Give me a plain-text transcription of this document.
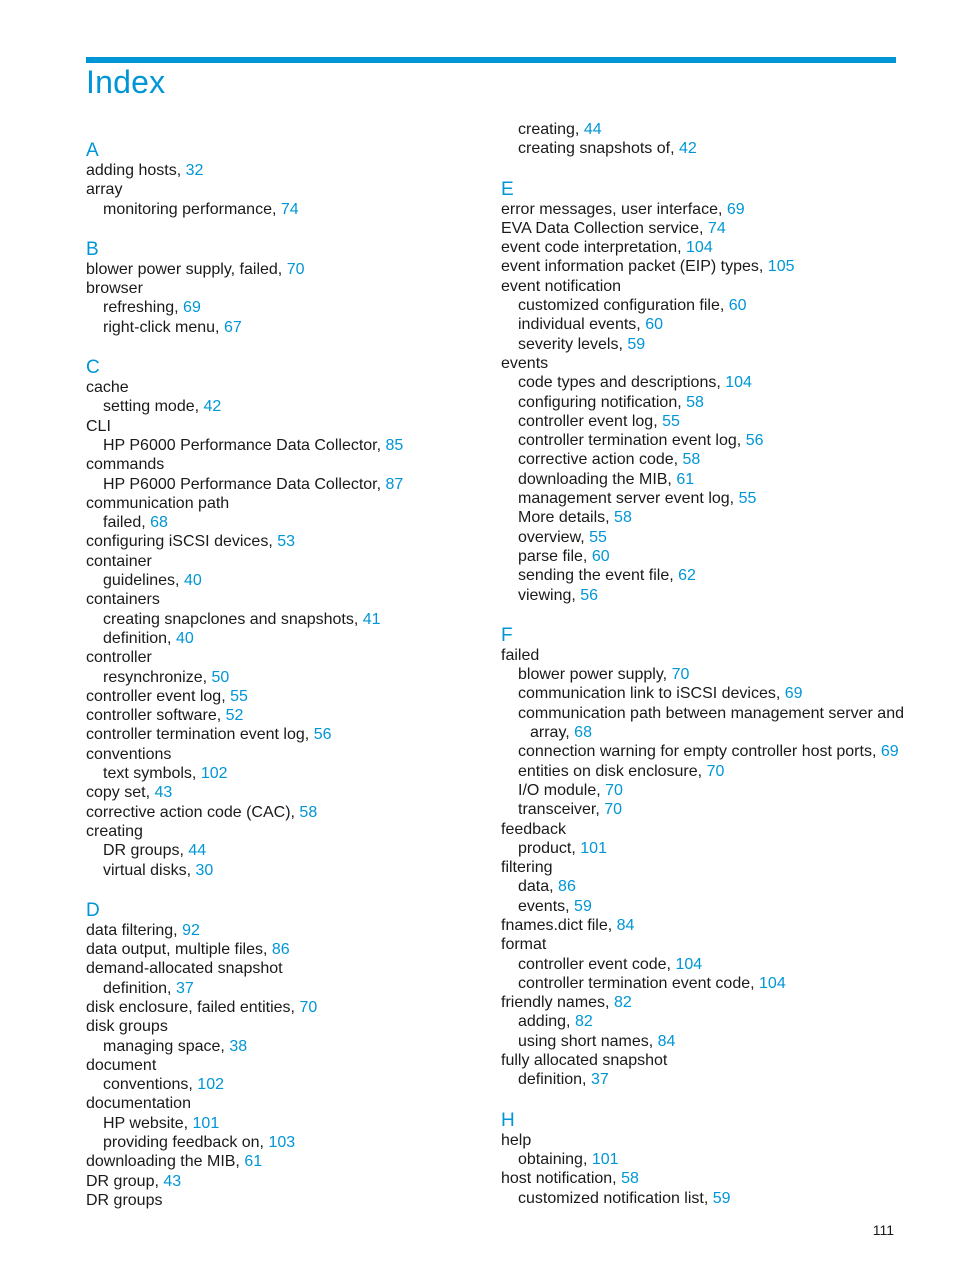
Index
A
adding hosts, 32
array
monitoring performance, 74
B
blower power supply, failed, 70
browser
refreshing, 69
right-click menu, 67
C
cache
setting mode, 42
CLI
HP P6000 Performance Data Collector, 85
commands
HP P6000 Performance Data Collector, 87
communication path
failed, 68
configuring iSCSI devices, 53
container
guidelines, 40
containers
creating snapclones and snapshots, 41
definition, 40
controller
resynchronize, 50
controller event log, 55
controller software, 52
controller termination event log, 56
conventions
text symbols, 102
copy set, 43
corrective action code (CAC), 58
creating
DR groups, 44
virtual disks, 30
D
data filtering, 92
data output, multiple files, 86
demand-allocated snapshot
definition, 37
disk enclosure, failed entities, 70
disk groups
managing space, 38
document
conventions, 102
documentation
HP website, 101
providing feedback on, 103
downloading the MIB, 61
DR group, 43
DR groups
creating, 44
creating snapshots of, 42
E
error messages, user interface, 69
EVA Data Collection service, 74
event code interpretation, 104
event information packet (EIP) types, 105
event notification
customized configuration file, 60
individual events, 60
severity levels, 59
events
code types and descriptions, 104
configuring notification, 58
controller event log, 55
controller termination event log, 56
corrective action code, 58
downloading the MIB, 61
management server event log, 55
More details, 58
overview, 55
parse file, 60
sending the event file, 62
viewing, 56
F
failed
blower power supply, 70
communication link to iSCSI devices, 69
communication path between management server and
array, 68
connection warning for empty controller host ports, 69
entities on disk enclosure, 70
I/O module, 70
transceiver, 70
feedback
product, 101
filtering
data, 86
events, 59
fnames.dict file, 84
format
controller event code, 104
controller termination event code, 104
friendly names, 82
adding, 82
using short names, 84
fully allocated snapshot
definition, 37
H
help
obtaining, 101
host notification, 58
customized notification list, 59
111
